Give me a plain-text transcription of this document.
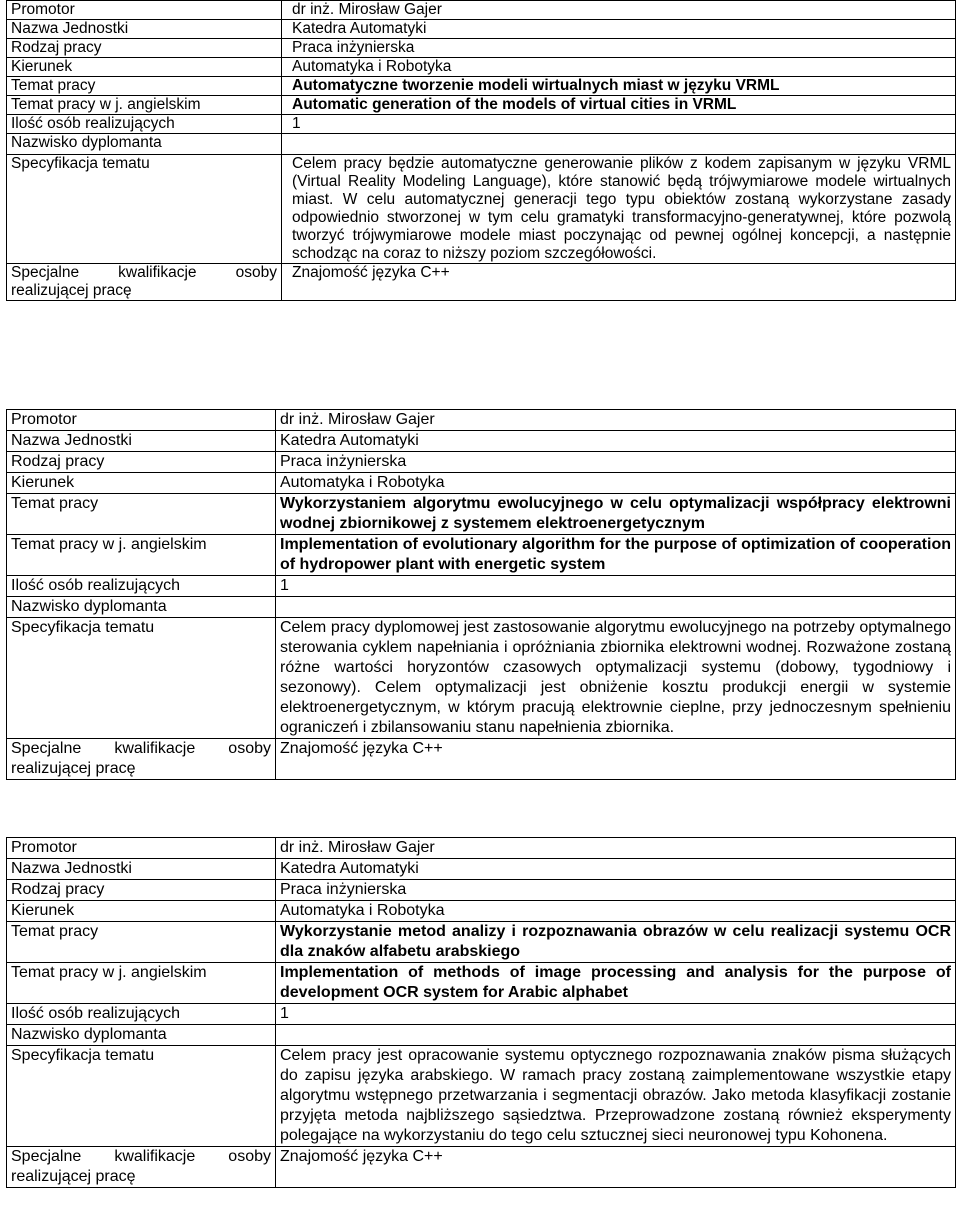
Promotor	dr inż. Mirosław Gajer
Nazwa Jednostki	Katedra Automatyki
Rodzaj pracy	Praca inżynierska
Kierunek	Automatyka i Robotyka
Temat pracy	Automatyczne tworzenie modeli wirtualnych miast w języku VRML
Temat pracy w j. angielskim	Automatic generation of the models of virtual cities in VRML
Ilość osób realizujących	1
Nazwisko dyplomanta	
Specyfikacja tematu	Celem pracy będzie automatyczne generowanie plików z kodem zapisanym w języku VRML (Virtual Reality Modeling Language), które stanowić będą trójwymiarowe modele wirtualnych miast. W celu automatycznej generacji tego typu obiektów zostaną wykorzystane zasady odpowiednio stworzonej w tym celu gramatyki transformacyjno-generatywnej, które pozwolą tworzyć trójwymiarowe modele miast poczynając od pewnej ogólnej koncepcji, a następnie schodząc na coraz to niższy poziom szczegółowości.

Specjalne kwalifikacje osoby
realizującej pracę	Znajomość języka C++
Promotor	dr inż. Mirosław Gajer
Nazwa Jednostki	Katedra Automatyki
Rodzaj pracy	Praca inżynierska
Kierunek	Automatyka i Robotyka
Temat pracy	Wykorzystaniem algorytmu ewolucyjnego w celu optymalizacji współpracy elektrowni wodnej zbiornikowej z systemem elektroenergetycznym
Temat pracy w j. angielskim	Implementation of evolutionary algorithm for the purpose of optimization of cooperation of hydropower plant with energetic system
Ilość osób realizujących	1
Nazwisko dyplomanta	
Specyfikacja tematu	Celem pracy dyplomowej jest zastosowanie algorytmu ewolucyjnego na potrzeby optymalnego sterowania cyklem napełniania i opróżniania zbiornika elektrowni wodnej. Rozważone zostaną różne wartości horyzontów czasowych optymalizacji systemu (dobowy, tygodniowy i sezonowy). Celem optymalizacji jest obniżenie kosztu produkcji energii w systemie elektroenergetycznym, w którym pracują elektrownie cieplne, przy jednoczesnym spełnieniu ograniczeń i zbilansowaniu stanu napełnienia zbiornika.

Specjalne kwalifikacje osoby
realizującej pracę	Znajomość języka C++
Promotor	dr inż. Mirosław Gajer
Nazwa Jednostki	Katedra Automatyki
Rodzaj pracy	Praca inżynierska
Kierunek	Automatyka i Robotyka
Temat pracy	Wykorzystanie metod analizy i rozpoznawania obrazów w celu realizacji systemu OCR dla znaków alfabetu arabskiego
Temat pracy w j. angielskim	Implementation of methods of image processing and analysis for the purpose of development OCR system for Arabic alphabet
Ilość osób realizujących	1
Nazwisko dyplomanta	
Specyfikacja tematu	Celem pracy jest opracowanie systemu optycznego rozpoznawania znaków pisma służących do zapisu języka arabskiego. W ramach pracy zostaną zaimplementowane wszystkie etapy algorytmu wstępnego przetwarzania i segmentacji obrazów. Jako metoda klasyfikacji zostanie przyjęta metoda najbliższego sąsiedztwa. Przeprowadzone zostaną również eksperymenty polegające na wykorzystaniu do tego celu sztucznej sieci neuronowej typu Kohonena.

Specjalne kwalifikacje osoby
realizującej pracę	Znajomość języka C++
